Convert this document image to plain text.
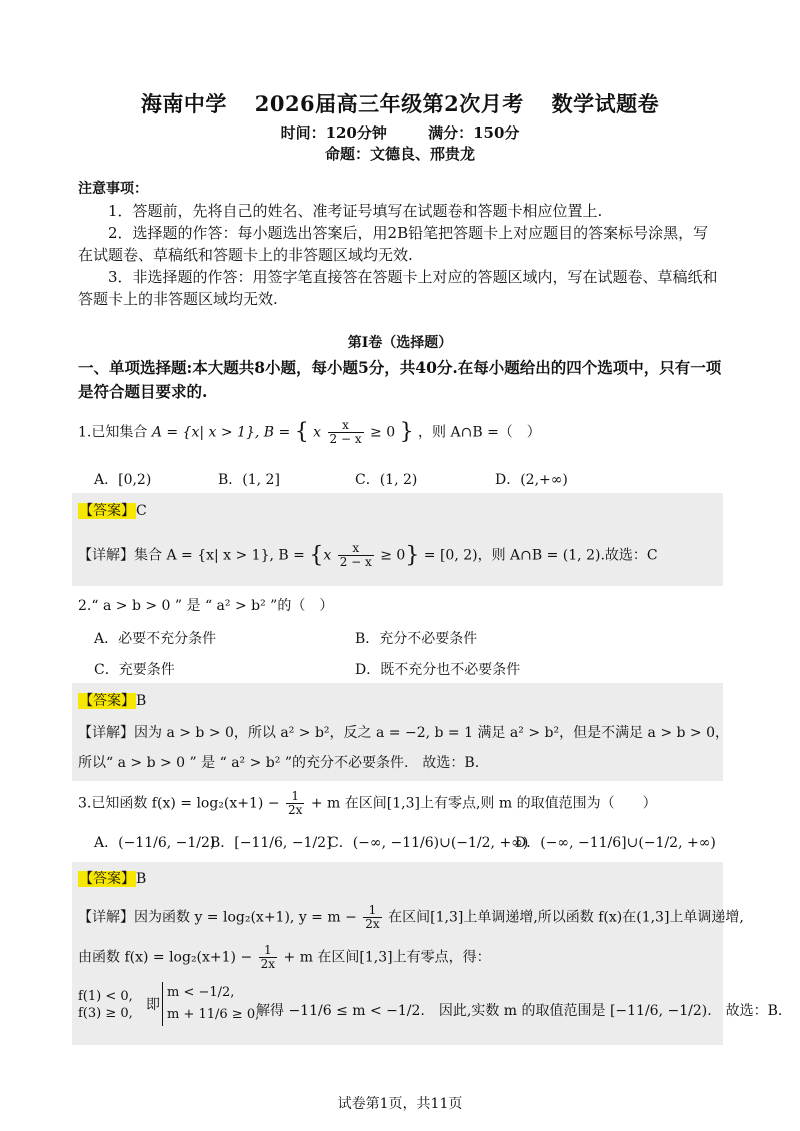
海南中学 2026届高三年级第2次月考 数学试题卷
时间：120分钟	满分：150分
命题：文德良、邢贵龙
注意事项：
1．答题前，先将自己的姓名、准考证号填写在试题卷和答题卡相应位置上.
2．选择题的作答：每小题选出答案后，用2B铅笔把答题卡上对应题目的答案标号涂黑，写在试题卷、草稿纸和答题卡上的非答题区域均无效.
3．非选择题的作答：用签字笔直接答在答题卡上对应的答题区域内，写在试题卷、草稿纸和答题卡上的非答题区域均无效.
第Ⅰ卷（选择题）
一、单项选择题:本大题共8小题，每小题5分，共40分.在每小题给出的四个选项中，只有一项是符合题目要求的.
1.已知集合 A = {x| x > 1}, B = { x $\frac{x}{2 - x} \ge 0$ } ，则 A∩B =（　）
A．[0,2)	B．(1, 2]	C．(1, 2)	D．(2,+∞)
【答案】C
【详解】集合 A = {x| x > 1}, $B = \{x \frac{x}{2 - x} \ge 0\} = [0$, 2)，则 A∩B = (1, 2).故选：C
2.“ a > b > 0 ” 是 “ a² > b² ”的（　）
A．必要不充分条件	B．充分不必要条件
C．充要条件	D．既不充分也不必要条件
【答案】B
【详解】因为 a > b > 0，所以 a² > b²，反之 a = −2, b = 1 满足 a² > b²，但是不满足 a > b > 0，
所以“ a > b > 0 ” 是 “ a² > b² ”的充分不必要条件.　故选：B.
3.已知函数 $f(x) = \log_2(x+1) - \frac{1}{2x} + m$ 在区间[1,3]上有零点,则 m 的取值范围为（　　）
A．(−11/6, −1/2)
B．[−11/6, −1/2]
C．(−∞, −11/6)∪(−1/2, +∞)
D．(−∞, −11/6]∪(−1/2, +∞)
【答案】B
【详解】因为函数 y = log₂(x+1), $y = m - \frac{1}{2x}$ 在区间[1,3]上单调递增,所以函数 f(x)在(1,3]上单调递增,
由函数 $f(x) = \log_2(x+1) - \frac{1}{2x} + m$ 在区间[1,3]上有零点，得：
f(1) < 0,
f(3) ≥ 0,
即
m < −1/2,
m + 11/6 ≥ 0,
解得 −11/6 ≤ m < −1/2.　因此,实数 m 的取值范围是 [−11/6, −1/2).　故选：B.
试卷第1页，共11页
